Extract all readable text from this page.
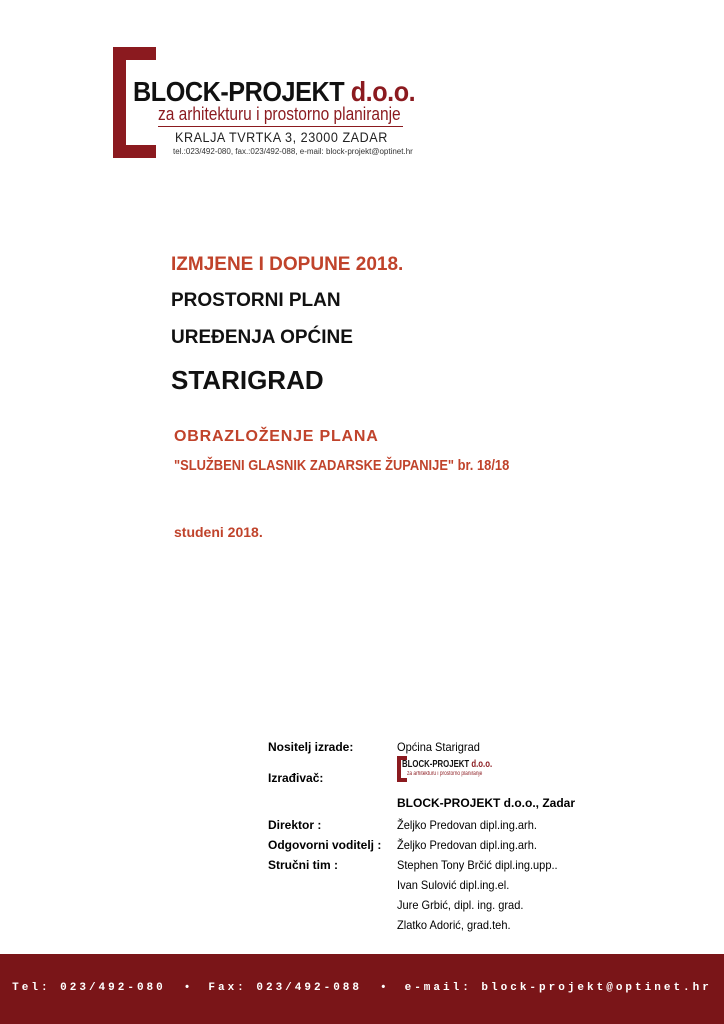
BLOCK-PROJEKT d.o.o.
za arhitekturu i prostorno planiranje
KRALJA TVRTKA 3, 23000 ZADAR
tel.:023/492-080, fax.:023/492-088, e-mail: block-projekt@optinet.hr
IZMJENE I DOPUNE 2018.
PROSTORNI PLAN
UREĐENJA OPĆINE
STARIGRAD
OBRAZLOŽENJE PLANA
"SLUŽBENI GLASNIK ZADARSKE ŽUPANIJE" br. 18/18
studeni 2018.
Nositelj izrade:	Općina Starigrad
Izrađivač:
BLOCK-PROJEKT d.o.o.
za arhitekturu i prostorno planiranje
BLOCK-PROJEKT d.o.o., Zadar
Direktor :	Željko Predovan dipl.ing.arh.
Odgovorni voditelj : Željko Predovan dipl.ing.arh.
Stručni tim :	Stephen Tony Brčić dipl.ing.upp..
Ivan Sulović dipl.ing.el.
Jure Grbić, dipl. ing. grad.
Zlatko Adorić, grad.teh.
Tel: 023/492-080 • Fax: 023/492-088 • e-mail: block-projekt@optinet.hr
